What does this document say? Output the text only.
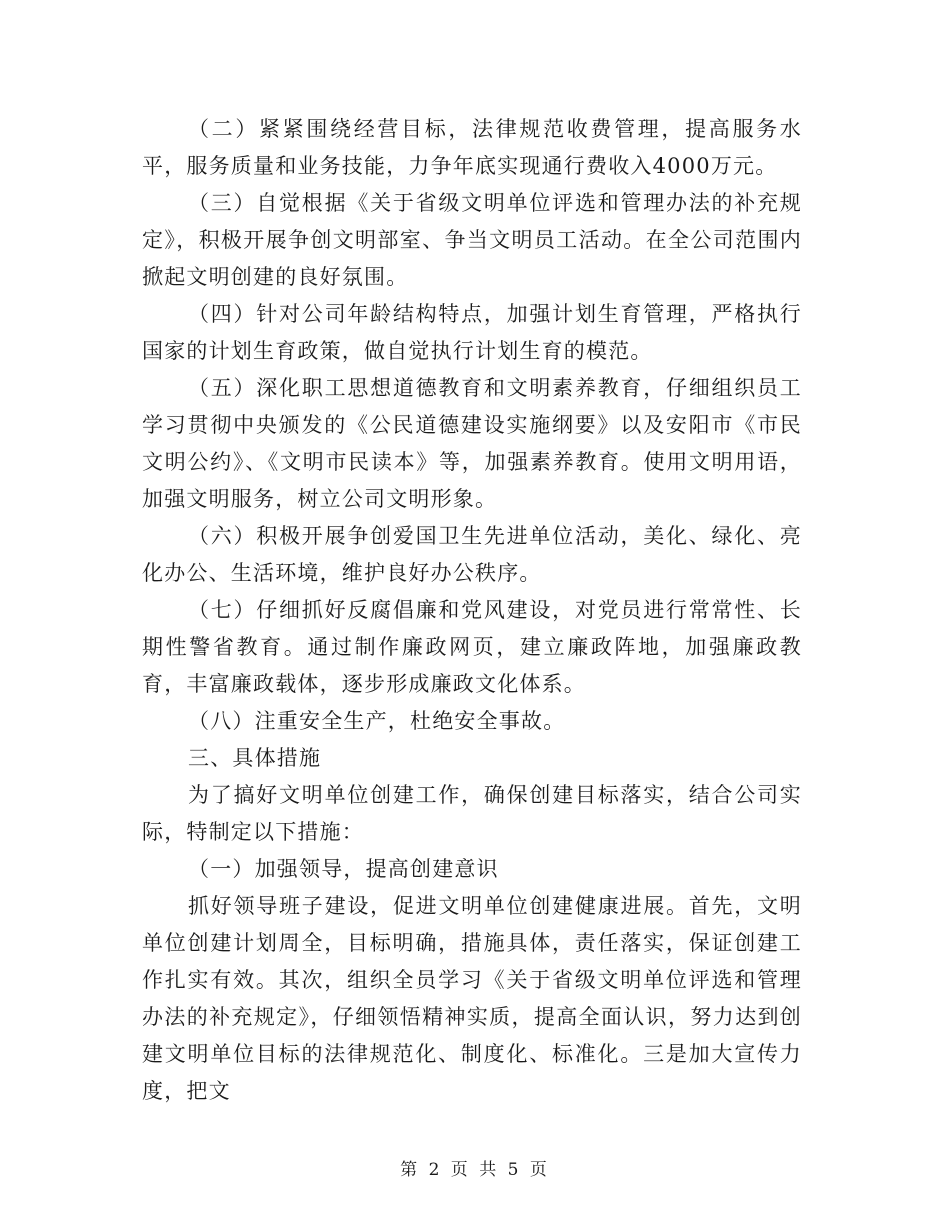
（二）紧紧围绕经营目标，法律规范收费管理，提高服务水平，服务质量和业务技能，力争年底实现通行费收入4000万元。

（三）自觉根据《关于省级文明单位评选和管理办法的补充规定》，积极开展争创文明部室、争当文明员工活动。在全公司范围内掀起文明创建的良好氛围。

（四）针对公司年龄结构特点，加强计划生育管理，严格执行国家的计划生育政策，做自觉执行计划生育的模范。

（五）深化职工思想道德教育和文明素养教育，仔细组织员工学习贯彻中央颁发的《公民道德建设实施纲要》以及安阳市《市民文明公约》、《文明市民读本》等，加强素养教育。使用文明用语，加强文明服务，树立公司文明形象。

（六）积极开展争创爱国卫生先进单位活动，美化、绿化、亮化办公、生活环境，维护良好办公秩序。

（七）仔细抓好反腐倡廉和党风建设，对党员进行常常性、长期性警省教育。通过制作廉政网页，建立廉政阵地，加强廉政教育，丰富廉政载体，逐步形成廉政文化体系。

（八）注重安全生产，杜绝安全事故。

三、具体措施

为了搞好文明单位创建工作，确保创建目标落实，结合公司实际，特制定以下措施：

（一）加强领导，提高创建意识

抓好领导班子建设，促进文明单位创建健康进展。首先，文明单位创建计划周全，目标明确，措施具体，责任落实，保证创建工作扎实有效。其次，组织全员学习《关于省级文明单位评选和管理办法的补充规定》，仔细领悟精神实质，提高全面认识，努力达到创建文明单位目标的法律规范化、制度化、标准化。三是加大宣传力度，把文

第 2 页 共 5 页
